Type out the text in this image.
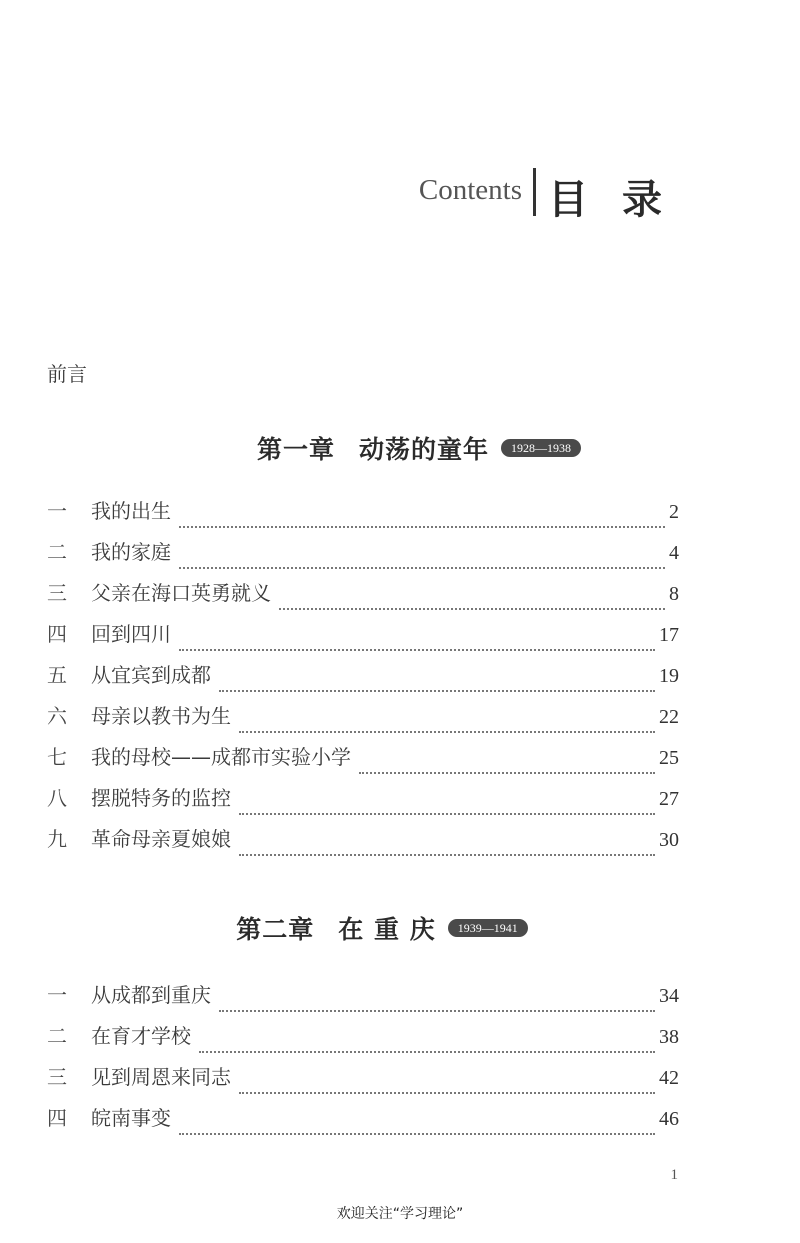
Contents 目录
前言
第一章 动荡的童年 1928—1938
一	我的出生	2
二	我的家庭	4
三	父亲在海口英勇就义	8
四	回到四川	17
五	从宜宾到成都	19
六	母亲以教书为生	22
七	我的母校——成都市实验小学	25
八	摆脱特务的监控	27
九	革命母亲夏娘娘	30
第二章 在 重 庆 1939—1941
一	从成都到重庆	34
二	在育才学校	38
三	见到周恩来同志	42
四	皖南事变	46
1
欢迎关注“学习理论”
